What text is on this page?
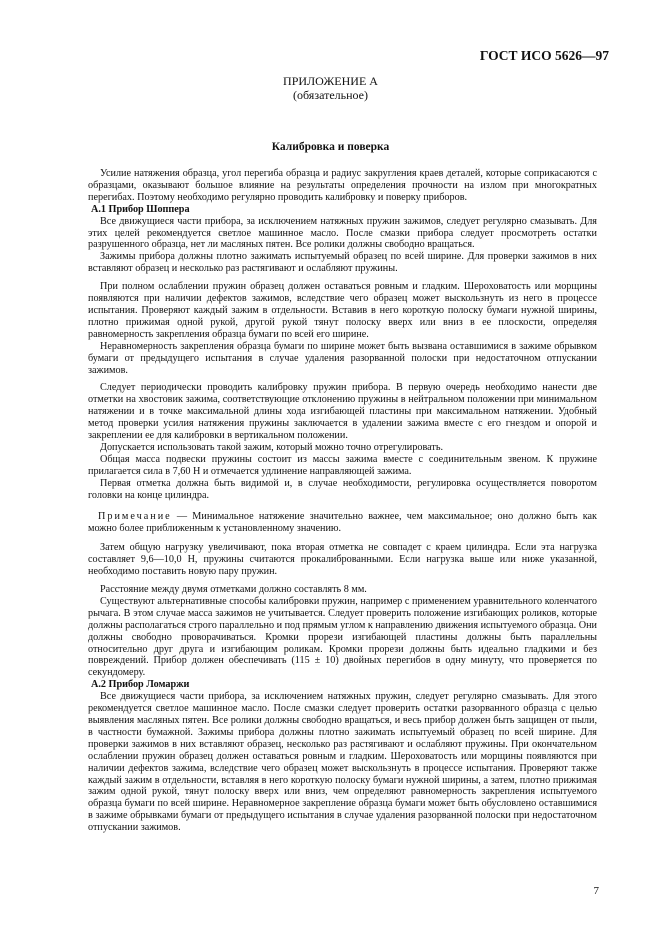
ГОСТ ИСО 5626—97
ПРИЛОЖЕНИЕ А
(обязательное)
Калибровка и поверка

Усилие натяжения образца, угол перегиба образца и радиус закругления краев деталей, которые соприкасаются с образцами, оказывают большое влияние на результаты определения прочности на излом при многократных перегибах. Поэтому необходимо регулярно проводить калибровку и поверку приборов.

А.1 Прибор Шоппера

Все движущиеся части прибора, за исключением натяжных пружин зажимов, следует регулярно смазывать. Для этих целей рекомендуется светлое машинное масло. После смазки прибора следует просмотреть остатки разрушенного образца, нет ли масляных пятен. Все ролики должны свободно вращаться.

Зажимы прибора должны плотно зажимать испытуемый образец по всей ширине. Для проверки зажимов в них вставляют образец и несколько раз растягивают и ослабляют пружины.

При полном ослаблении пружин образец должен оставаться ровным и гладким. Шероховатость или морщины появляются при наличии дефектов зажимов, вследствие чего образец может выскользнуть из него в процессе испытания. Проверяют каждый зажим в отдельности. Вставив в него короткую полоску бумаги нужной ширины, плотно прижимая одной рукой, другой рукой тянут полоску вверх или вниз в ее плоскости, определяя равномерность закрепления образца бумаги по всей его ширине.

Неравномерность закрепления образца бумаги по ширине может быть вызвана оставшимися в зажиме обрывком бумаги от предыдущего испытания в случае удаления разорванной полоски при недостаточном отпускании зажимов.

Следует периодически проводить калибровку пружин прибора. В первую очередь необходимо нанести две отметки на хвостовик зажима, соответствующие отклонению пружины в нейтральном положении при минимальном натяжении и в точке максимальной длины хода изгибающей пластины при максимальном натяжении. Удобный метод проверки усилия натяжения пружины заключается в удалении зажима вместе с его гнездом и опорой и закреплении ее для калибровки в вертикальном положении.

Допускается использовать такой зажим, который можно точно отрегулировать.

Общая масса подвески пружины состоит из массы зажима вместе с соединительным звеном. К пружине прилагается сила в 7,60 Н и отмечается удлинение направляющей зажима.

Первая отметка должна быть видимой и, в случае необходимости, регулировка осуществляется поворотом головки на конце цилиндра.

Примечание — Минимальное натяжение значительно важнее, чем максимальное; оно должно быть как можно более приближенным к установленному значению.

Затем общую нагрузку увеличивают, пока вторая отметка не совпадет с краем цилиндра. Если эта нагрузка составляет 9,6—10,0 Н, пружины считаются прокалиброванными. Если нагрузка выше или ниже указанной, необходимо поставить новую пару пружин.

Расстояние между двумя отметками должно составлять 8 мм.

Существуют альтернативные способы калибровки пружин, например с применением уравнительного коленчатого рычага. В этом случае масса зажимов не учитывается. Следует проверить положение изгибающих роликов, которые должны располагаться строго параллельно и под прямым углом к направлению движения испытуемого образца. Они должны свободно проворачиваться. Кромки прорези изгибающей пластины должны быть параллельны относительно друг друга и изгибающим роликам. Кромки прорези должны быть идеально гладкими и без повреждений. Прибор должен обеспечивать (115 ± 10) двойных перегибов в одну минуту, что проверяется по секундомеру.

А.2 Прибор Ломаржи

Все движущиеся части прибора, за исключением натяжных пружин, следует регулярно смазывать. Для этого рекомендуется светлое машинное масло. После смазки следует проверить остатки разорванного образца с целью выявления масляных пятен. Все ролики должны свободно вращаться, и весь прибор должен быть защищен от пыли, в частности бумажной. Зажимы прибора должны плотно зажимать испытуемый образец по всей ширине. Для проверки зажимов в них вставляют образец, несколько раз растягивают и ослабляют пружины. При окончательном ослаблении пружин образец должен оставаться ровным и гладким. Шероховатость или морщины появляются при наличии дефектов зажима, вследствие чего образец может выскользнуть в процессе испытания. Проверяют также каждый зажим в отдельности, вставляя в него короткую полоску бумаги нужной ширины, а затем, плотно прижимая зажим одной рукой, тянут полоску вверх или вниз, чем определяют равномерность закрепления испытуемого образца бумаги по всей ширине. Неравномерное закрепление образца бумаги может быть обусловлено оставшимися в зажиме обрывками бумаги от предыдущего испытания в случае удаления разорванной полоски при недостаточном отпускании зажимов.

7
